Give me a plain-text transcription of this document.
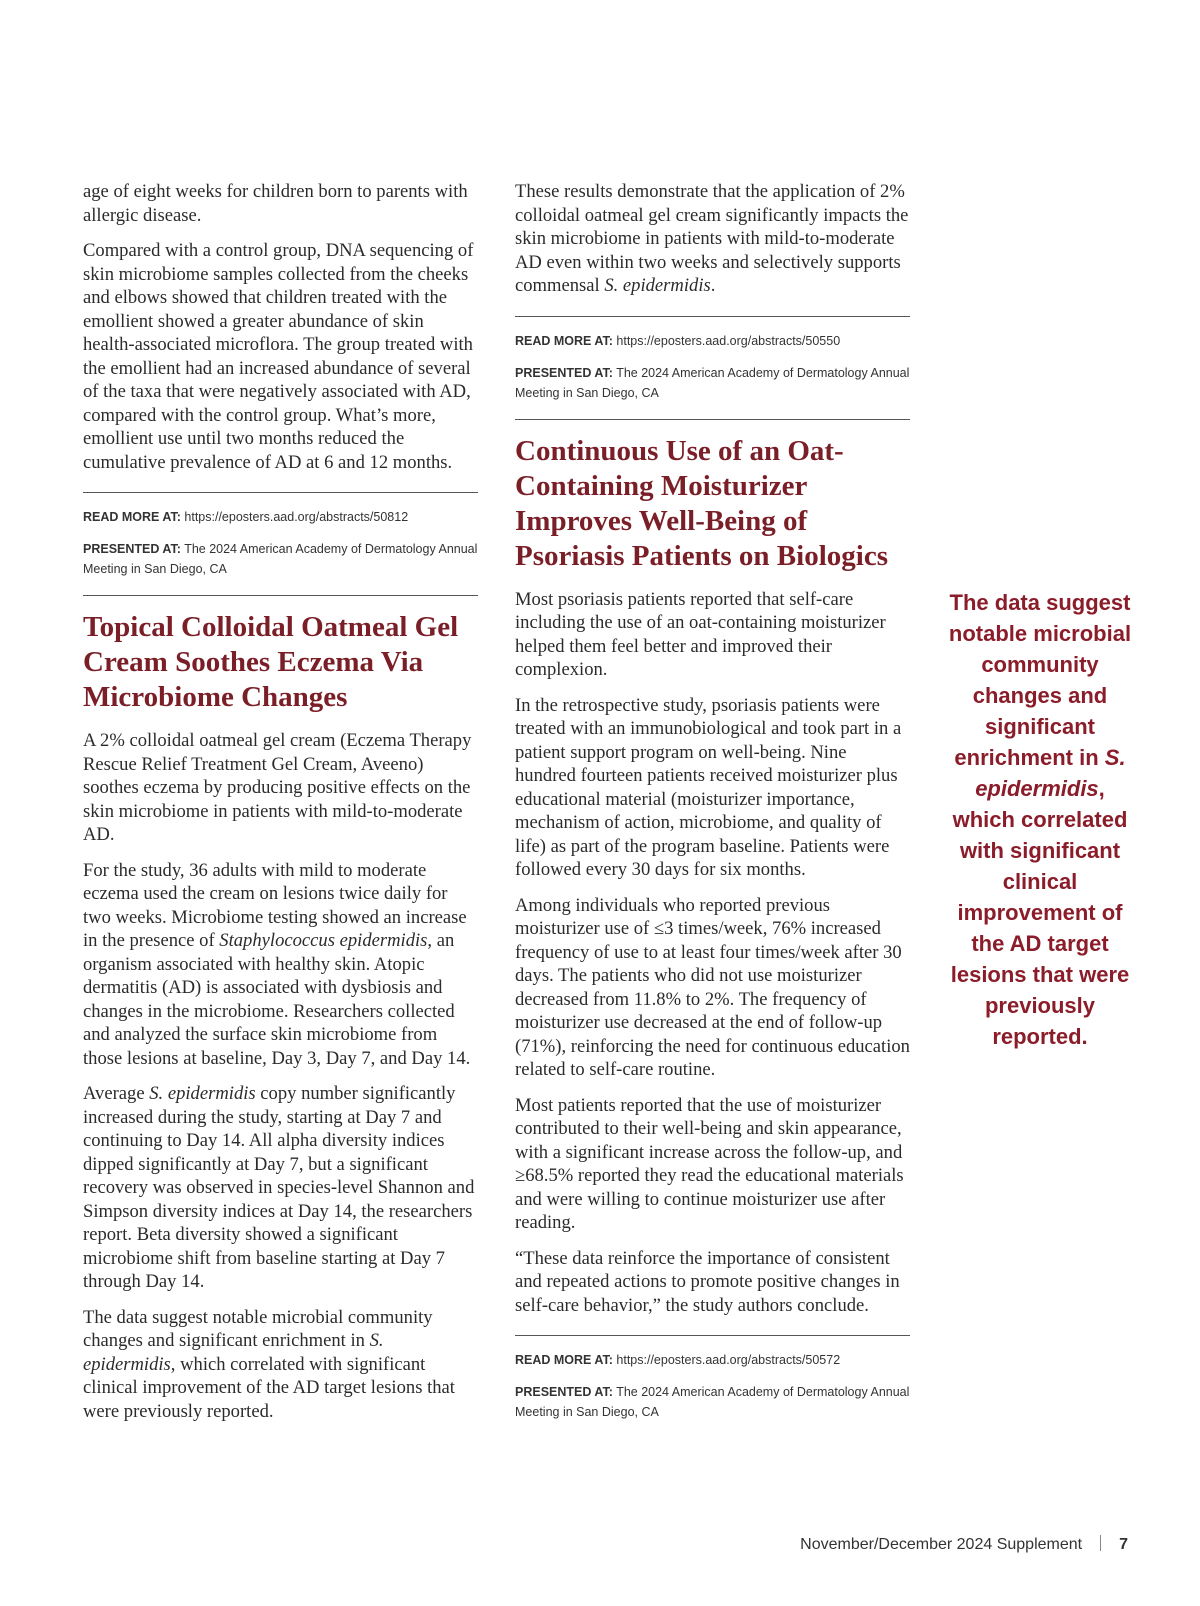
age of eight weeks for children born to parents with allergic disease.

Compared with a control group, DNA sequencing of skin microbiome samples collected from the cheeks and elbows showed that children treated with the emollient showed a greater abundance of skin health-associated microflora. The group treated with the emollient had an increased abundance of several of the taxa that were negatively associated with AD, compared with the control group. What’s more, emollient use until two months reduced the cumulative prevalence of AD at 6 and 12 months.

READ MORE AT: https://eposters.aad.org/abstracts/50812

PRESENTED AT: The 2024 American Academy of Dermatology Annual Meeting in San Diego, CA

Topical Colloidal Oatmeal Gel Cream Soothes Eczema Via Microbiome Changes

A 2% colloidal oatmeal gel cream (Eczema Therapy Rescue Relief Treatment Gel Cream, Aveeno) soothes eczema by producing positive effects on the skin microbiome in patients with mild-to-moderate AD.

For the study, 36 adults with mild to moderate eczema used the cream on lesions twice daily for two weeks. Microbiome testing showed an increase in the presence of Staphylococcus epidermidis, an organism associated with healthy skin. Atopic dermatitis (AD) is associated with dysbiosis and changes in the microbiome. Researchers collected and analyzed the surface skin microbiome from those lesions at baseline, Day 3, Day 7, and Day 14.

Average S. epidermidis copy number significantly increased during the study, starting at Day 7 and continuing to Day 14. All alpha diversity indices dipped significantly at Day 7, but a significant recovery was observed in species-level Shannon and Simpson diversity indices at Day 14, the researchers report. Beta diversity showed a significant microbiome shift from baseline starting at Day 7 through Day 14.

The data suggest notable microbial community changes and significant enrichment in S. epidermidis, which correlated with significant clinical improvement of the AD target lesions that were previously reported.

These results demonstrate that the application of 2% colloidal oatmeal gel cream significantly impacts the skin microbiome in patients with mild-to-moderate AD even within two weeks and selectively supports commensal S. epidermidis.

READ MORE AT: https://eposters.aad.org/abstracts/50550

PRESENTED AT: The 2024 American Academy of Dermatology Annual Meeting in San Diego, CA

Continuous Use of an Oat-Containing Moisturizer Improves Well-Being of Psoriasis Patients on Biologics

Most psoriasis patients reported that self-care including the use of an oat-containing moisturizer helped them feel better and improved their complexion.

In the retrospective study, psoriasis patients were treated with an immunobiological and took part in a patient support program on well-being. Nine hundred fourteen patients received moisturizer plus educational material (moisturizer importance, mechanism of action, microbiome, and quality of life) as part of the program baseline. Patients were followed every 30 days for six months.

Among individuals who reported previous moisturizer use of ≤3 times/week, 76% increased frequency of use to at least four times/week after 30 days. The patients who did not use moisturizer decreased from 11.8% to 2%. The frequency of moisturizer use decreased at the end of follow-up (71%), reinforcing the need for continuous education related to self-care routine.

Most patients reported that the use of moisturizer contributed to their well-being and skin appearance, with a significant increase across the follow-up, and ≥68.5% reported they read the educational materials and were willing to continue moisturizer use after reading.

“These data reinforce the importance of consistent and repeated actions to promote positive changes in self-care behavior,” the study authors conclude.

READ MORE AT: https://eposters.aad.org/abstracts/50572

PRESENTED AT: The 2024 American Academy of Dermatology Annual Meeting in San Diego, CA

The data suggest notable microbial community changes and significant enrichment in S. epidermidis, which correlated with significant clinical improvement of the AD target lesions that were previously reported.
November/December 2024 Supplement 7
